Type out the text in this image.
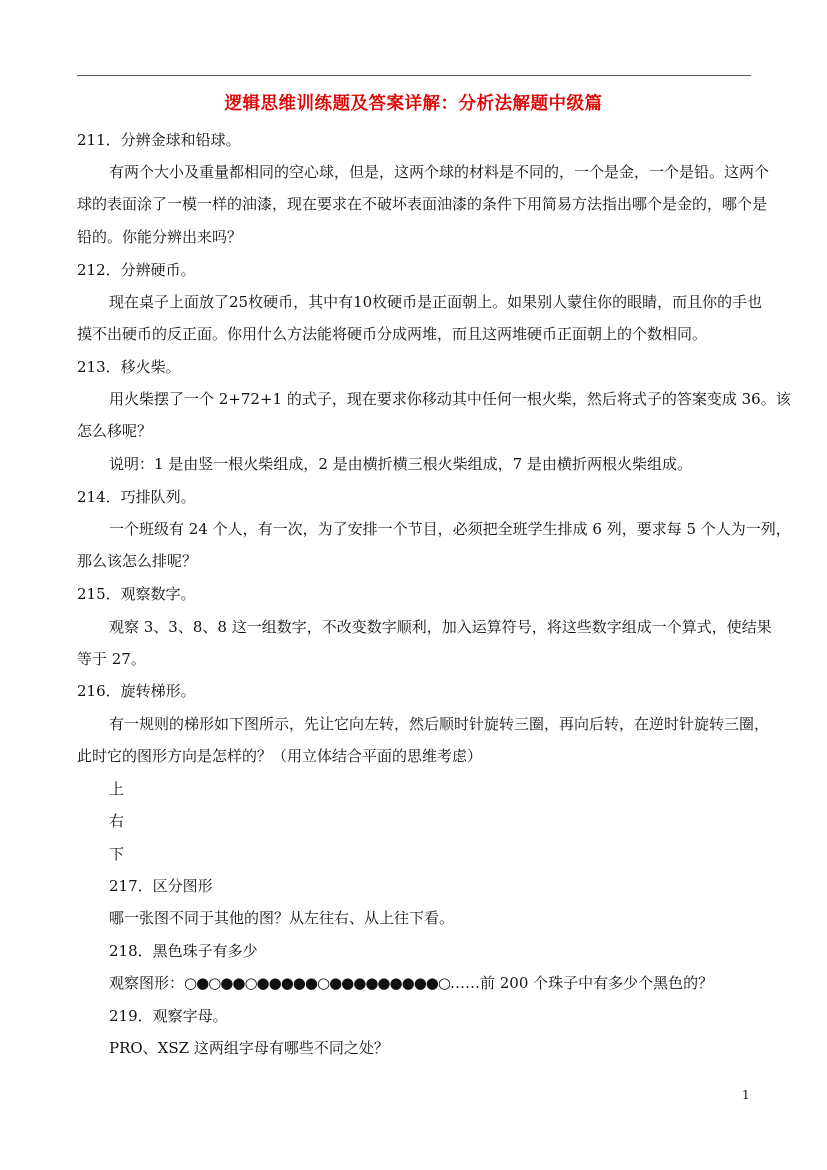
逻辑思维训练题及答案详解：分析法解题中级篇
211．分辨金球和铅球。
有两个大小及重量都相同的空心球，但是，这两个球的材料是不同的，一个是金，一个是铅。这两个
球的表面涂了一模一样的油漆，现在要求在不破坏表面油漆的条件下用简易方法指出哪个是金的，哪个是
铅的。你能分辨出来吗？
212．分辨硬币。
现在桌子上面放了25枚硬币，其中有10枚硬币是正面朝上。如果别人蒙住你的眼睛，而且你的手也
摸不出硬币的反正面。你用什么方法能将硬币分成两堆，而且这两堆硬币正面朝上的个数相同。
213．移火柴。
用火柴摆了一个 2+72+1 的式子，现在要求你移动其中任何一根火柴，然后将式子的答案变成 36。该
怎么移呢？
说明：1 是由竖一根火柴组成，2 是由横折横三根火柴组成，7 是由横折两根火柴组成。
214．巧排队列。
一个班级有 24 个人，有一次，为了安排一个节目，必须把全班学生排成 6 列，要求每 5 个人为一列，
那么该怎么排呢？
215．观察数字。
观察 3、3、8、8 这一组数字，不改变数字顺利，加入运算符号，将这些数字组成一个算式，使结果
等于 27。
216．旋转梯形。
有一规则的梯形如下图所示，先让它向左转，然后顺时针旋转三圈，再向后转，在逆时针旋转三圈，
此时它的图形方向是怎样的？（用立体结合平面的思维考虑）
上
右
下
217．区分图形
哪一张图不同于其他的图？从左往右、从上往下看。
218．黑色珠子有多少
观察图形：○●○●●○●●●●●○●●●●●●●●●○……前 200 个珠子中有多少个黑色的？
219．观察字母。
PRO、XSZ 这两组字母有哪些不同之处？
1
